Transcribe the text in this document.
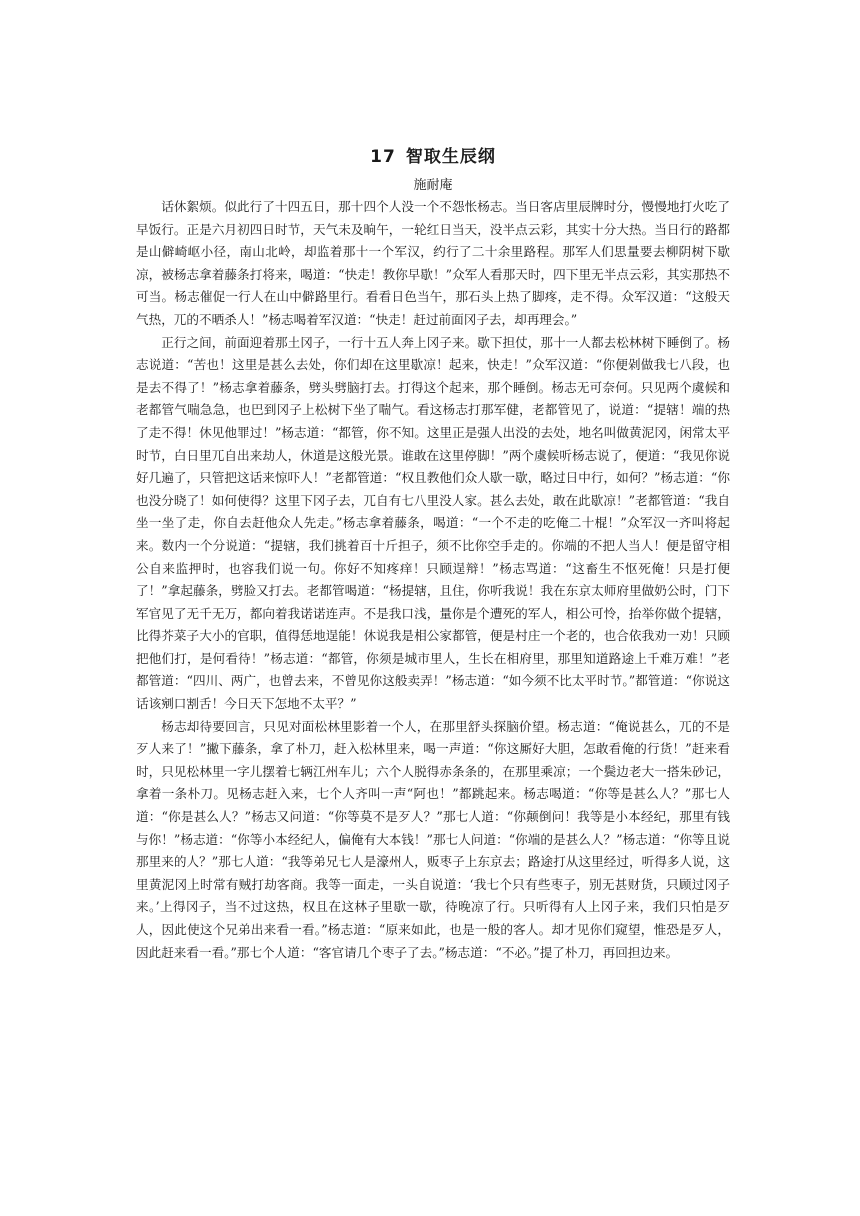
17 智取生辰纲

施耐庵

话休絮烦。似此行了十四五日，那十四个人没一个不怨怅杨志。当日客店里辰牌时分，慢慢地打火吃了早饭行。正是六月初四日时节，天气未及晌午，一轮红日当天，没半点云彩，其实十分大热。当日行的路都是山僻崎岖小径，南山北岭，却监着那十一个军汉，约行了二十余里路程。那军人们思量要去柳阴树下歇凉，被杨志拿着藤条打将来，喝道：“快走！教你早歇！”众军人看那天时，四下里无半点云彩，其实那热不可当。杨志催促一行人在山中僻路里行。看看日色当午，那石头上热了脚疼，走不得。众军汉道：“这般天气热，兀的不晒杀人！”杨志喝着军汉道：“快走！赶过前面冈子去，却再理会。”

正行之间，前面迎着那土冈子，一行十五人奔上冈子来。歇下担仗，那十一人都去松林树下睡倒了。杨志说道：“苦也！这里是甚么去处，你们却在这里歇凉！起来，快走！”众军汉道：“你便剁做我七八段，也是去不得了！”杨志拿着藤条，劈头劈脑打去。打得这个起来，那个睡倒。杨志无可奈何。只见两个虞候和老都管气喘急急，也巴到冈子上松树下坐了喘气。看这杨志打那军健，老都管见了，说道：“提辖！端的热了走不得！休见他罪过！”杨志道：“都管，你不知。这里正是强人出没的去处，地名叫做黄泥冈，闲常太平时节，白日里兀自出来劫人，休道是这般光景。谁敢在这里停脚！”两个虞候听杨志说了，便道：“我见你说好几遍了，只管把这话来惊吓人！”老都管道：“权且教他们众人歇一歇，略过日中行，如何？”杨志道：“你也没分晓了！如何使得？这里下冈子去，兀自有七八里没人家。甚么去处，敢在此歇凉！”老都管道：“我自坐一坐了走，你自去赶他众人先走。”杨志拿着藤条，喝道：“一个不走的吃俺二十棍！”众军汉一齐叫将起来。数内一个分说道：“提辖，我们挑着百十斤担子，须不比你空手走的。你端的不把人当人！便是留守相公自来监押时，也容我们说一句。你好不知疼痒！只顾逞辩！”杨志骂道：“这畜生不怄死俺！只是打便了！”拿起藤条，劈脸又打去。老都管喝道：“杨提辖，且住，你听我说！我在东京太师府里做奶公时，门下军官见了无千无万，都向着我诺诺连声。不是我口浅，量你是个遭死的军人，相公可怜，抬举你做个提辖，比得芥菜子大小的官职，值得恁地逞能！休说我是相公家都管，便是村庄一个老的，也合依我劝一劝！只顾把他们打，是何看待！”杨志道：“都管，你须是城市里人，生长在相府里，那里知道路途上千难万难！”老都管道：“四川、两广，也曾去来，不曾见你这般卖弄！”杨志道：“如今须不比太平时节。”都管道：“你说这话该剜口割舌！今日天下怎地不太平？”

杨志却待要回言，只见对面松林里影着一个人，在那里舒头探脑价望。杨志道：“俺说甚么，兀的不是歹人来了！”撇下藤条，拿了朴刀，赶入松林里来，喝一声道：“你这厮好大胆，怎敢看俺的行货！”赶来看时，只见松林里一字儿摆着七辆江州车儿；六个人脱得赤条条的，在那里乘凉；一个鬓边老大一搭朱砂记，拿着一条朴刀。见杨志赶入来，七个人齐叫一声“阿也！”都跳起来。杨志喝道：“你等是甚么人？”那七人道：“你是甚么人？”杨志又问道：“你等莫不是歹人？”那七人道：“你颠倒问！我等是小本经纪，那里有钱与你！”杨志道：“你等小本经纪人，偏俺有大本钱！”那七人问道：“你端的是甚么人？”杨志道：“你等且说那里来的人？”那七人道：“我等弟兄七人是濠州人，贩枣子上东京去；路途打从这里经过，听得多人说，这里黄泥冈上时常有贼打劫客商。我等一面走，一头自说道：‘我七个只有些枣子，别无甚财货，只顾过冈子来。’上得冈子，当不过这热，权且在这林子里歇一歇，待晚凉了行。只听得有人上冈子来，我们只怕是歹人，因此使这个兄弟出来看一看。”杨志道：“原来如此，也是一般的客人。却才见你们窥望，惟恐是歹人，因此赶来看一看。”那七个人道：“客官请几个枣子了去。”杨志道：“不必。”提了朴刀，再回担边来。
